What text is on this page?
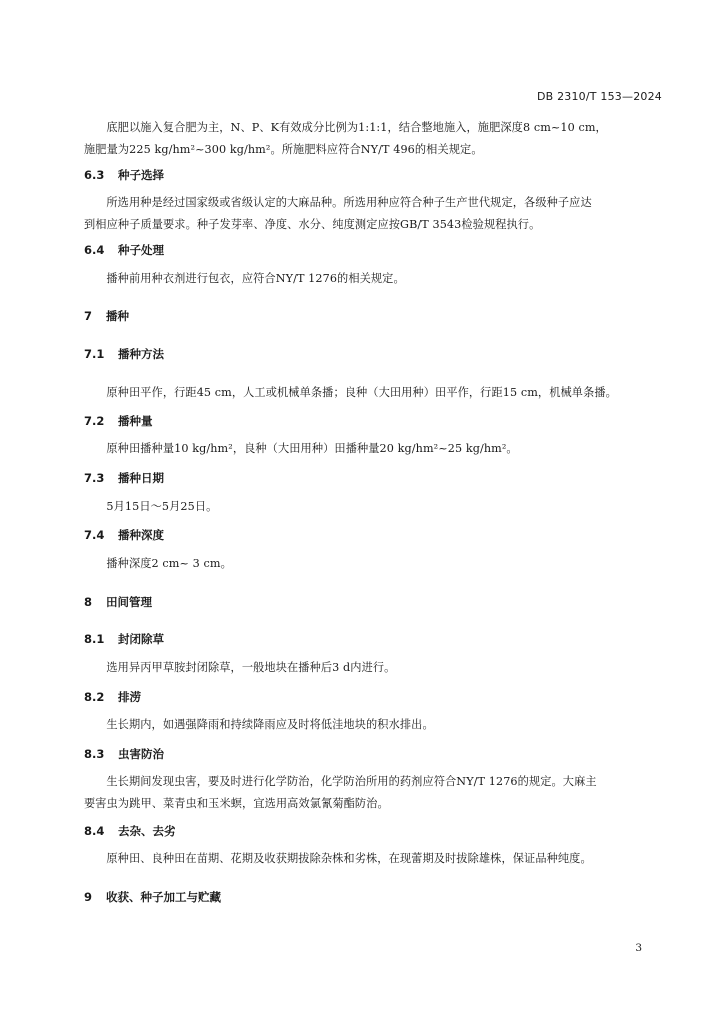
DB 2310/T 153—2024
底肥以施入复合肥为主，N、P、K有效成分比例为1:1:1，结合整地施入，施肥深度8 cm~10 cm，
施肥量为225 kg/hm²~300 kg/hm²。所施肥料应符合NY/T 496的相关规定。
6.3 种子选择
所选用种是经过国家级或省级认定的大麻品种。所选用种应符合种子生产世代规定，各级种子应达
到相应种子质量要求。种子发芽率、净度、水分、纯度测定应按GB/T 3543检验规程执行。
6.4 种子处理
播种前用种衣剂进行包衣，应符合NY/T 1276的相关规定。
7 播种
7.1 播种方法
原种田平作，行距45 cm，人工或机械单条播；良种（大田用种）田平作，行距15 cm，机械单条播。
7.2 播种量
原种田播种量10 kg/hm²，良种（大田用种）田播种量20 kg/hm²~25 kg/hm²。
7.3 播种日期
5月15日～5月25日。
7.4 播种深度
播种深度2 cm~ 3 cm。
8 田间管理
8.1 封闭除草
选用异丙甲草胺封闭除草，一般地块在播种后3 d内进行。
8.2 排涝
生长期内，如遇强降雨和持续降雨应及时将低洼地块的积水排出。
8.3 虫害防治
生长期间发现虫害，要及时进行化学防治，化学防治所用的药剂应符合NY/T 1276的规定。大麻主
要害虫为跳甲、菜青虫和玉米螟，宜选用高效氯氰菊酯防治。
8.4 去杂、去劣
原种田、良种田在苗期、花期及收获期拔除杂株和劣株，在现蕾期及时拔除雄株，保证品种纯度。
9 收获、种子加工与贮藏
3
